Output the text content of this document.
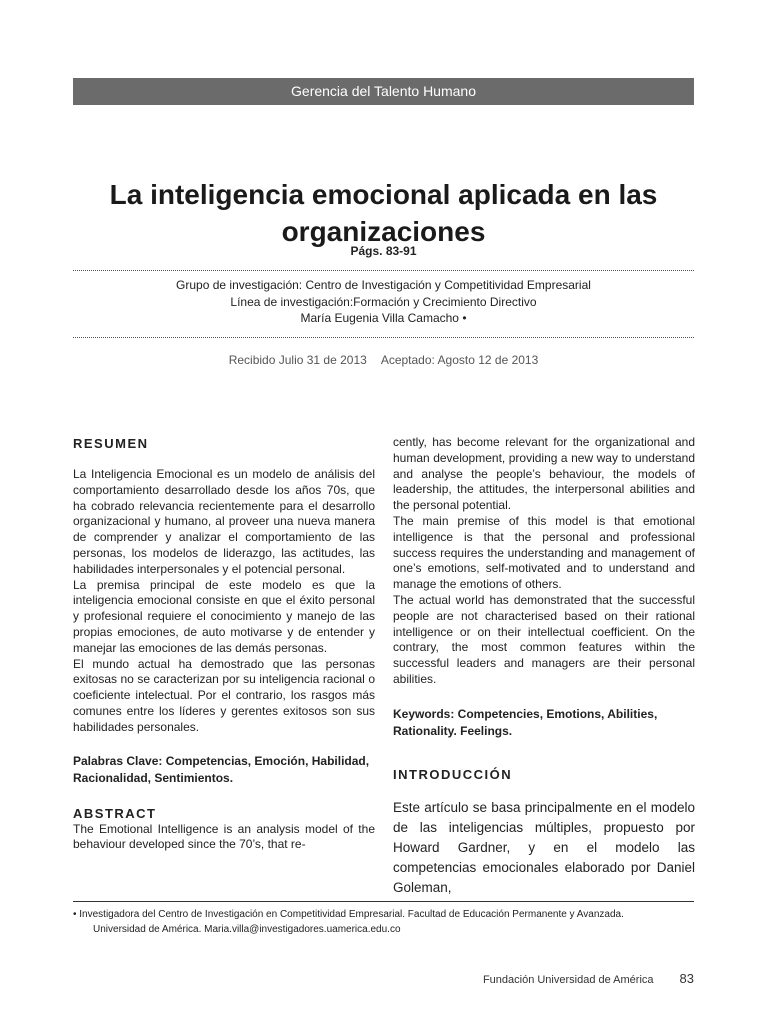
Gerencia del Talento Humano
La inteligencia emocional aplicada en las
organizaciones
Págs. 83-91
Grupo de investigación: Centro de Investigación y Competitividad Empresarial
Línea de investigación:Formación y Crecimiento Directivo
María Eugenia Villa Camacho •
Recibido Julio 31 de 2013 Aceptado: Agosto 12 de 2013
RESUMEN

La Inteligencia Emocional es un modelo de análisis del comportamiento desarrollado desde los años 70s, que ha cobrado relevancia recientemente para el desarrollo organizacional y humano, al proveer una nueva manera de comprender y analizar el comportamiento de las personas, los modelos de liderazgo, las actitudes, las habilidades interpersonales y el potencial personal.

La premisa principal de este modelo es que la inteligencia emocional consiste en que el éxito personal y profesional requiere el conocimiento y manejo de las propias emociones, de auto motivarse y de entender y manejar las emociones de las demás personas.

El mundo actual ha demostrado que las personas exitosas no se caracterizan por su inteligencia racional o coeficiente intelectual. Por el contrario, los rasgos más comunes entre los líderes y gerentes exitosos son sus habilidades personales.

Palabras Clave: Competencias, Emoción, Habilidad, Racionalidad, Sentimientos.

ABSTRACT

The Emotional Intelligence is an analysis model of the behaviour developed since the 70’s, that re-

cently, has become relevant for the organizational and human development, providing a new way to understand and analyse the people’s behaviour, the models of leadership, the attitudes, the interpersonal abilities and the personal potential.

The main premise of this model is that emotional intelligence is that the personal and professional success requires the understanding and management of one’s emotions, self-motivated and to understand and manage the emotions of others.

The actual world has demonstrated that the successful people are not characterised based on their rational intelligence or on their intellectual coefficient. On the contrary, the most common features within the successful leaders and managers are their personal abilities.

Keywords: Competencies, Emotions, Abilities, Rationality. Feelings.

INTRODUCCIÓN

Este artículo se basa principalmente en el modelo de las inteligencias múltiples, propuesto por Howard Gardner, y en el modelo las competencias emocionales elaborado por Daniel Goleman,

• Investigadora del Centro de Investigación en Competitividad Empresarial. Facultad de Educación Permanente y Avanzada.
Universidad de América. Maria.villa@investigadores.uamerica.edu.co
Fundación Universidad de América 83
